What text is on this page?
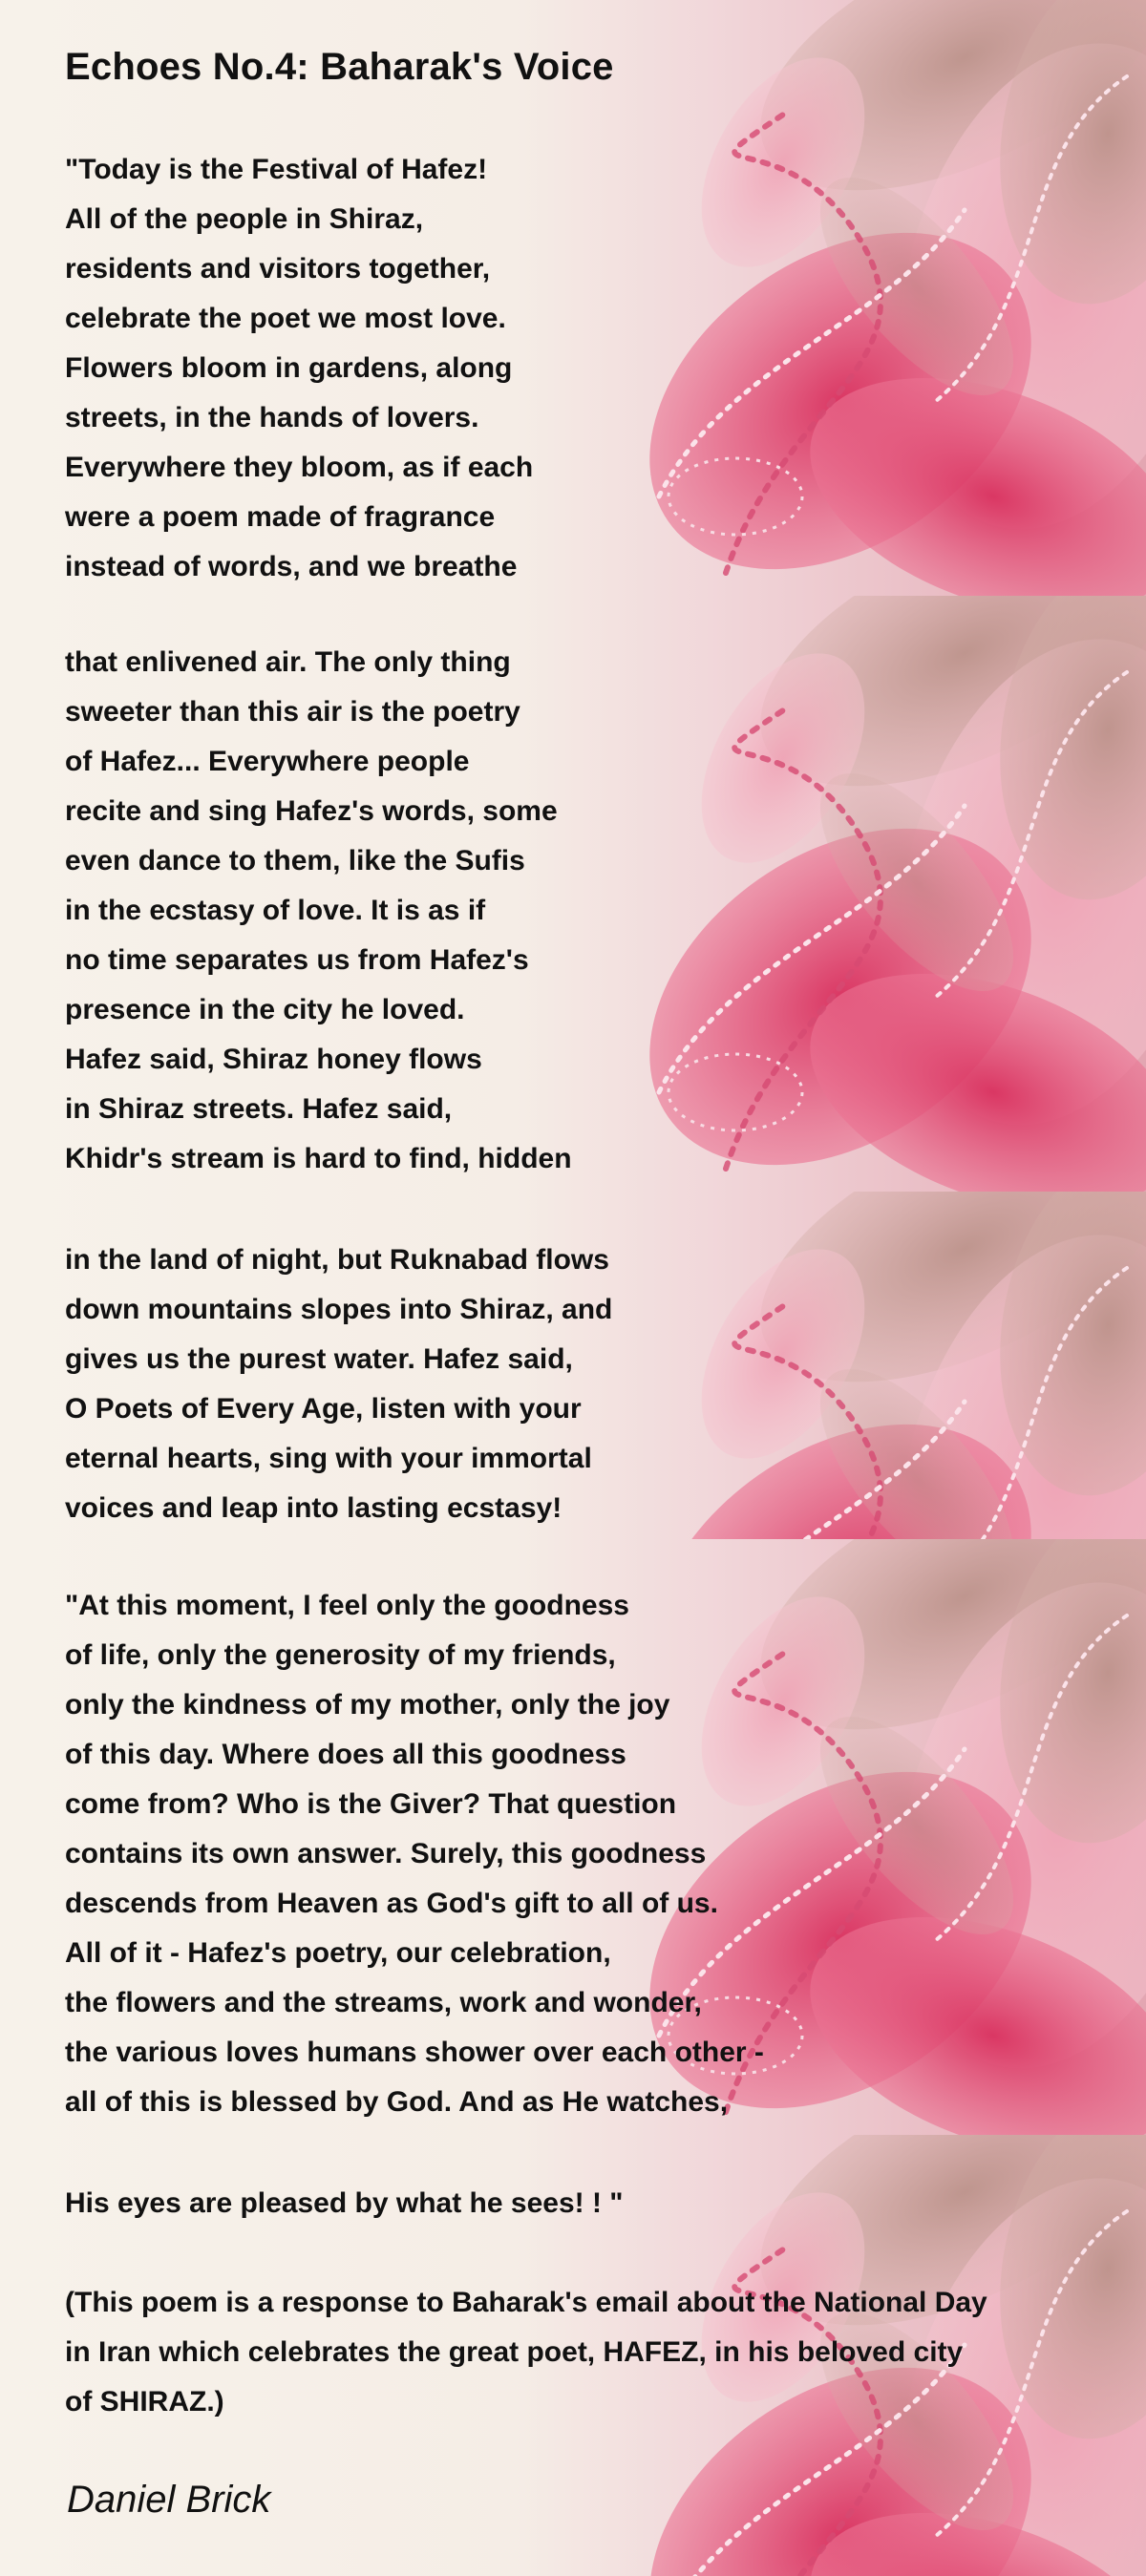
Echoes No.4: Baharak's Voice

"Today is the Festival of Hafez!
All of the people in Shiraz,
residents and visitors together,
celebrate the poet we most love.
Flowers bloom in gardens, along
streets, in the hands of lovers.
Everywhere they bloom, as if each
were a poem made of fragrance
instead of words, and we breathe

that enlivened air. The only thing
sweeter than this air is the poetry
of Hafez... Everywhere people
recite and sing Hafez's words, some
even dance to them, like the Sufis
in the ecstasy of love. It is as if
no time separates us from Hafez's
presence in the city he loved.
Hafez said, Shiraz honey flows
in Shiraz streets. Hafez said,
Khidr's stream is hard to find, hidden

in the land of night, but Ruknabad flows
down mountains slopes into Shiraz, and
gives us the purest water. Hafez said,
O Poets of Every Age, listen with your
eternal hearts, sing with your immortal
voices and leap into lasting ecstasy!

"At this moment, I feel only the goodness
of life, only the generosity of my friends,
only the kindness of my mother, only the joy
of this day. Where does all this goodness
come from? Who is the Giver? That question
contains its own answer. Surely, this goodness
descends from Heaven as God's gift to all of us.
All of it - Hafez's poetry, our celebration,
the flowers and the streams, work and wonder,
the various loves humans shower over each other -
all of this is blessed by God. And as He watches,

His eyes are pleased by what he sees! ! "

(This poem is a response to Baharak's email about the National Day
in Iran which celebrates the great poet, HAFEZ, in his beloved city
of SHIRAZ.)

Daniel Brick
